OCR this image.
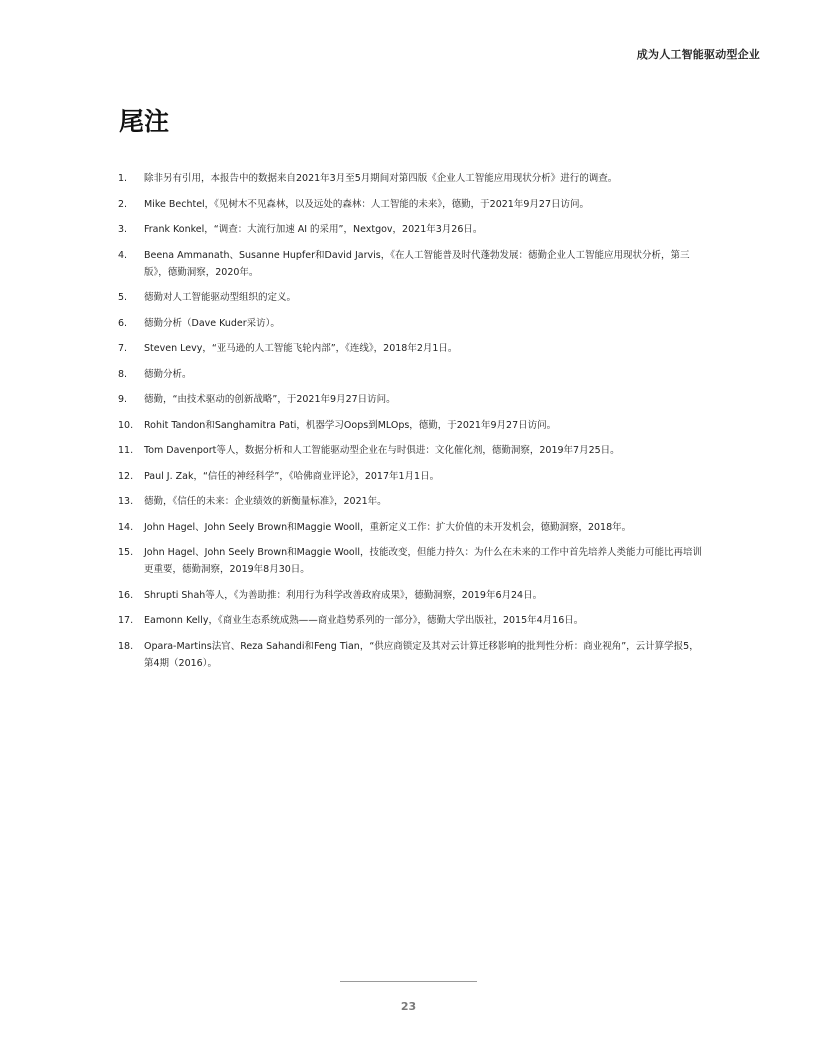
成为人工智能驱动型企业
尾注
1.	除非另有引用，本报告中的数据来自2021年3月至5月期间对第四版《企业人工智能应用现状分析》进行的调查。
2.	Mike Bechtel，《见树木不见森林，以及远处的森林：人工智能的未来》，德勤，于2021年9月27日访问。
3.	Frank Konkel，“调查：大流行加速 AI 的采用”，Nextgov，2021年3月26日。
4.	Beena Ammanath、Susanne Hupfer和David Jarvis，《在人工智能普及时代蓬勃发展：德勤企业人工智能应用现状分析，第三版》，德勤洞察，2020年。
5.	德勤对人工智能驱动型组织的定义。
6.	德勤分析（Dave Kuder采访）。
7.	Steven Levy，“亚马逊的人工智能飞轮内部”，《连线》，2018年2月1日。
8.	德勤分析。
9.	德勤，“由技术驱动的创新战略”，于2021年9月27日访问。
10.	Rohit Tandon和Sanghamitra Pati，机器学习Oops到MLOps，德勤，于2021年9月27日访问。
11.	Tom Davenport等人，数据分析和人工智能驱动型企业在与时俱进：文化催化剂，德勤洞察，2019年7月25日。
12.	Paul J. Zak，“信任的神经科学”，《哈佛商业评论》，2017年1月1日。
13.	德勤，《信任的未来：企业绩效的新衡量标准》，2021年。
14.	John Hagel、John Seely Brown和Maggie Wooll，重新定义工作：扩大价值的未开发机会，德勤洞察，2018年。
15.	John Hagel、John Seely Brown和Maggie Wooll，技能改变，但能力持久：为什么在未来的工作中首先培养人类能力可能比再培训更重要，德勤洞察，2019年8月30日。
16.	Shrupti Shah等人，《为善助推：利用行为科学改善政府成果》，德勤洞察，2019年6月24日。
17.	Eamonn Kelly，《商业生态系统成熟——商业趋势系列的一部分》，德勤大学出版社，2015年4月16日。
18.	Opara-Martins法官、Reza Sahandi和Feng Tian，“供应商锁定及其对云计算迁移影响的批判性分析：商业视角”，云计算学报5，第4期（2016）。
23
